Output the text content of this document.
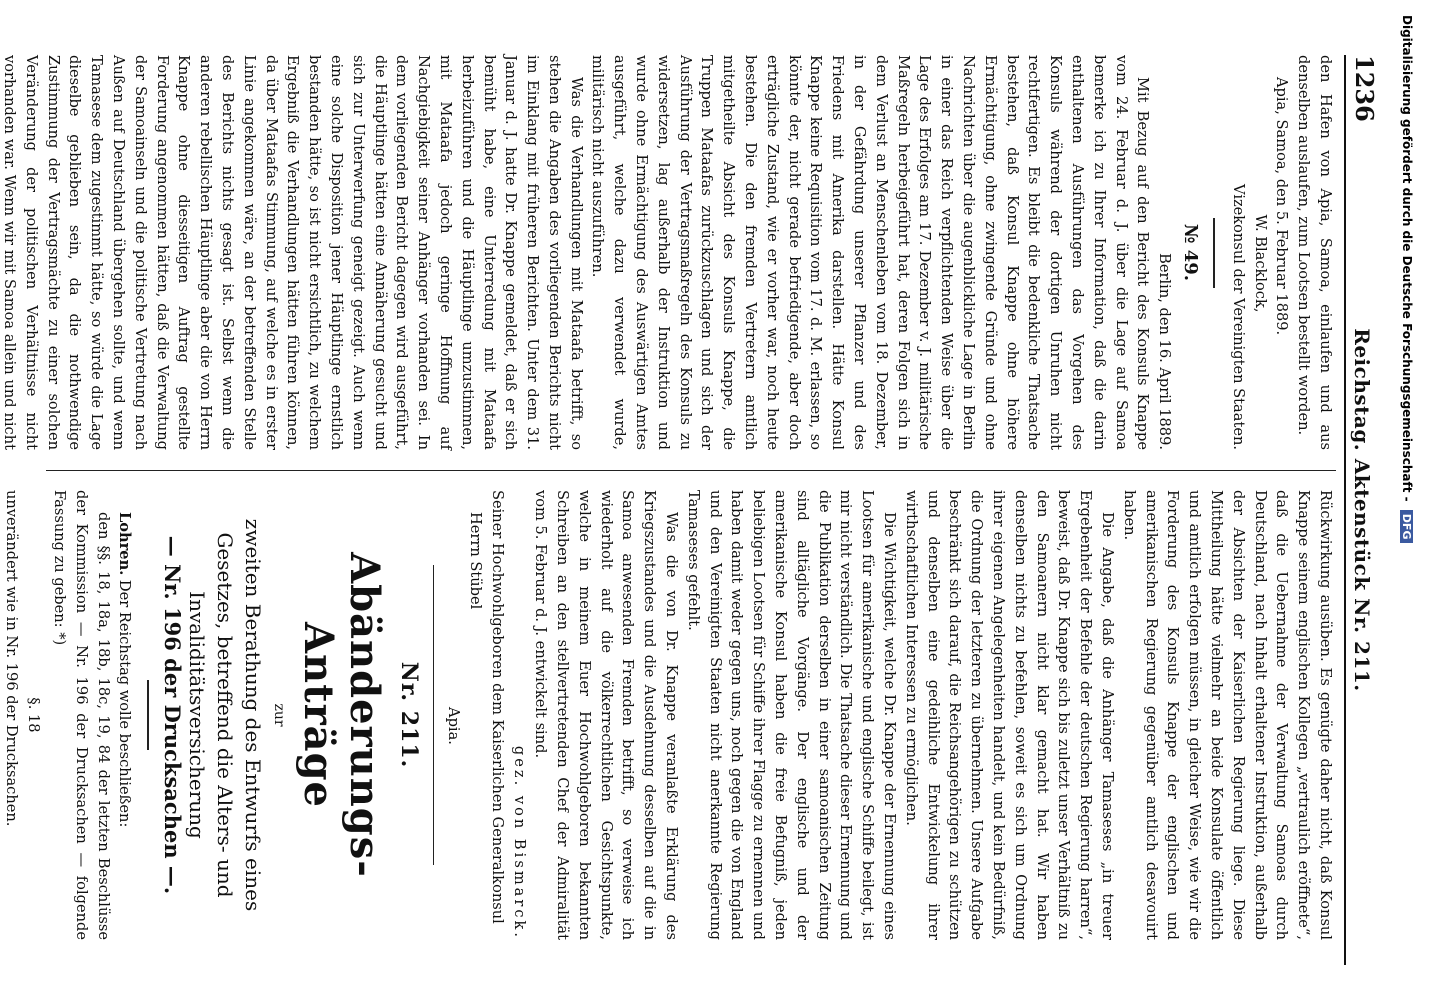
1236
Reichstag. Aktenstück Nr. 211.

den Hafen von Apia, Samoa, einlaufen und aus denselben auslaufen, zum Lootsen bestellt worden.

Apia, Samoa, den 5. Februar 1889.

W. Blacklock,

Vizekonsul der Vereinigten Staaten.

№ 49.

Berlin, den 16. April 1889.

Mit Bezug auf den Bericht des Konsuls Knappe vom 24. Februar d. J. über die Lage auf Samoa bemerke ich zu Ihrer Information, daß die darin enthaltenen Ausführungen das Vorgehen des Konsuls während der dortigen Unruhen nicht rechtfertigen. Es bleibt die bedenkliche Thatsache bestehen, daß Konsul Knappe ohne höhere Ermächtigung, ohne zwingende Gründe und ohne Nachrichten über die augenblickliche Lage in Berlin in einer das Reich verpflichtenden Weise über die Lage des Erfolges am 17. Dezember v. J. militärische Maßregeln herbeigeführt hat, deren Folgen sich in dem Verlust an Menschenleben vom 18. Dezember, in der Gefährdung unserer Pflanzer und des Friedens mit Amerika darstellen. Hätte Konsul Knappe keine Requisition vom 17. d. M. erlassen, so könnte der, nicht gerade befriedigende, aber doch erträgliche Zustand, wie er vorher war, noch heute bestehen. Die den fremden Vertretern amtlich mitgetheilte Absicht des Konsuls Knappe, die Truppen Mataafas zurückzuschlagen und sich der Ausführung der Vertragsmaßregeln des Konsuls zu widersetzen, lag außerhalb der Instruktion und wurde ohne Ermächtigung des Auswärtigen Amtes ausgeführt, welche dazu verwendet wurde, militärisch nicht auszuführen.

Was die Verhandlungen mit Mataafa betrifft, so stehen die Angaben des vorliegenden Berichts nicht im Einklang mit früheren Berichten. Unter dem 31. Januar d. J. hatte Dr. Knappe gemeldet, daß er sich bemüht habe, eine Unterredung mit Mataafa herbeizuführen und die Häuptlinge umzustimmen, mit Mataafa jedoch geringe Hoffnung auf Nachgiebigkeit seiner Anhänger vorhanden sei. In dem vorliegenden Bericht dagegen wird ausgeführt, die Häuptlinge hätten eine Annäherung gesucht und sich zur Unterwerfung geneigt gezeigt. Auch wenn eine solche Disposition jener Häuptlinge ernstlich bestanden hätte, so ist nicht ersichtlich, zu welchem Ergebniß die Verhandlungen hätten führen können, da über Mataafas Stimmung, auf welche es in erster Linie angekommen wäre, an der betreffenden Stelle des Berichts nichts gesagt ist. Selbst wenn die anderen rebellischen Häuptlinge aber die von Herrn Knappe ohne diesseitigen Auftrag gestellte Forderung angenommen hätten, daß die Verwaltung der Samoainseln und die politische Vertretung nach Außen auf Deutschland übergehen sollte, und wenn Tamasese dem zugestimmt hätte, so würde die Lage dieselbe geblieben sein, da die nothwendige Zustimmung der Vertragsmächte zu einer solchen Veränderung der politischen Verhältnisse nicht vorhanden war. Wenn wir mit Samoa allein und nicht

Rückwirkung ausüben. Es genügte daher nicht, daß Konsul Knappe seinem englischen Kollegen „vertraulich eröffnete“, daß die Uebernahme der Verwaltung Samoas durch Deutschland, nach Inhalt erhaltener Instruktion, außerhalb der Absichten der Kaiserlichen Regierung liege. Diese Mittheilung hätte vielmehr an beide Konsulate öffentlich und amtlich erfolgen müssen, in gleicher Weise, wie wir die Forderung des Konsuls Knappe der englischen und amerikanischen Regierung gegenüber amtlich desavouirt haben.

Die Angabe, daß die Anhänger Tamaseses „in treuer Ergebenheit der Befehle der deutschen Regierung harren“, beweist, daß Dr. Knappe sich bis zuletzt unser Verhältniß zu den Samoanern nicht klar gemacht hat. Wir haben denselben nichts zu befehlen, soweit es sich um Ordnung ihrer eigenen Angelegenheiten handelt, und kein Bedürfniß, die Ordnung der letzteren zu übernehmen. Unsere Aufgabe beschränkt sich darauf, die Reichsangehörigen zu schützen und denselben eine gedeihliche Entwickelung ihrer wirthschaftlichen Interessen zu ermöglichen.

Die Wichtigkeit, welche Dr. Knappe der Ernennung eines Lootsen für amerikanische und englische Schiffe beilegt, ist mir nicht verständlich. Die Thatsache dieser Ernennung und die Publikation derselben in einer samoanischen Zeitung sind alltägliche Vorgänge. Der englische und der amerikanische Konsul haben die freie Befugniß, jeden beliebigen Lootsen für Schiffe ihrer Flagge zu ernennen und haben damit weder gegen uns, noch gegen die von England und den Vereinigten Staaten nicht anerkannte Regierung Tamaseses gefehlt.

Was die von Dr. Knappe veranlaßte Erklärung des Kriegszustandes und die Ausdehnung desselben auf die in Samoa anwesenden Fremden betrifft, so verweise ich wiederholt auf die völkerrechtlichen Gesichtspunkte, welche in meinem Euer Hochwohlgeboren bekannten Schreiben an den stellvertretenden Chef der Admiralität vom 5. Februar d. J. entwickelt sind.

gez. von Bismarck.

Seiner Hochwohlgeboren dem Kaiserlichen Generalkonsul

Herrn Stübel

Apia.

Nr. 211.
Abänderungs-Anträge

zur

zweiten Berathung des Entwurfs eines Gesetzes, betreffend die Alters- und Invaliditätsversicherung

— Nr. 196 der Drucksachen —.

Lohren. Der Reichstag wolle beschließen:

den §§. 18, 18a, 18b, 18c, 19, 84 der letzten Beschlüsse der Kommission — Nr. 196 der Drucksachen — folgende Fassung zu geben: *)

§. 18

unverändert wie in Nr. 196 der Drucksachen.

Digitalisierung gefördert durch die Deutsche Forschungsgemeinschaft - DFG
